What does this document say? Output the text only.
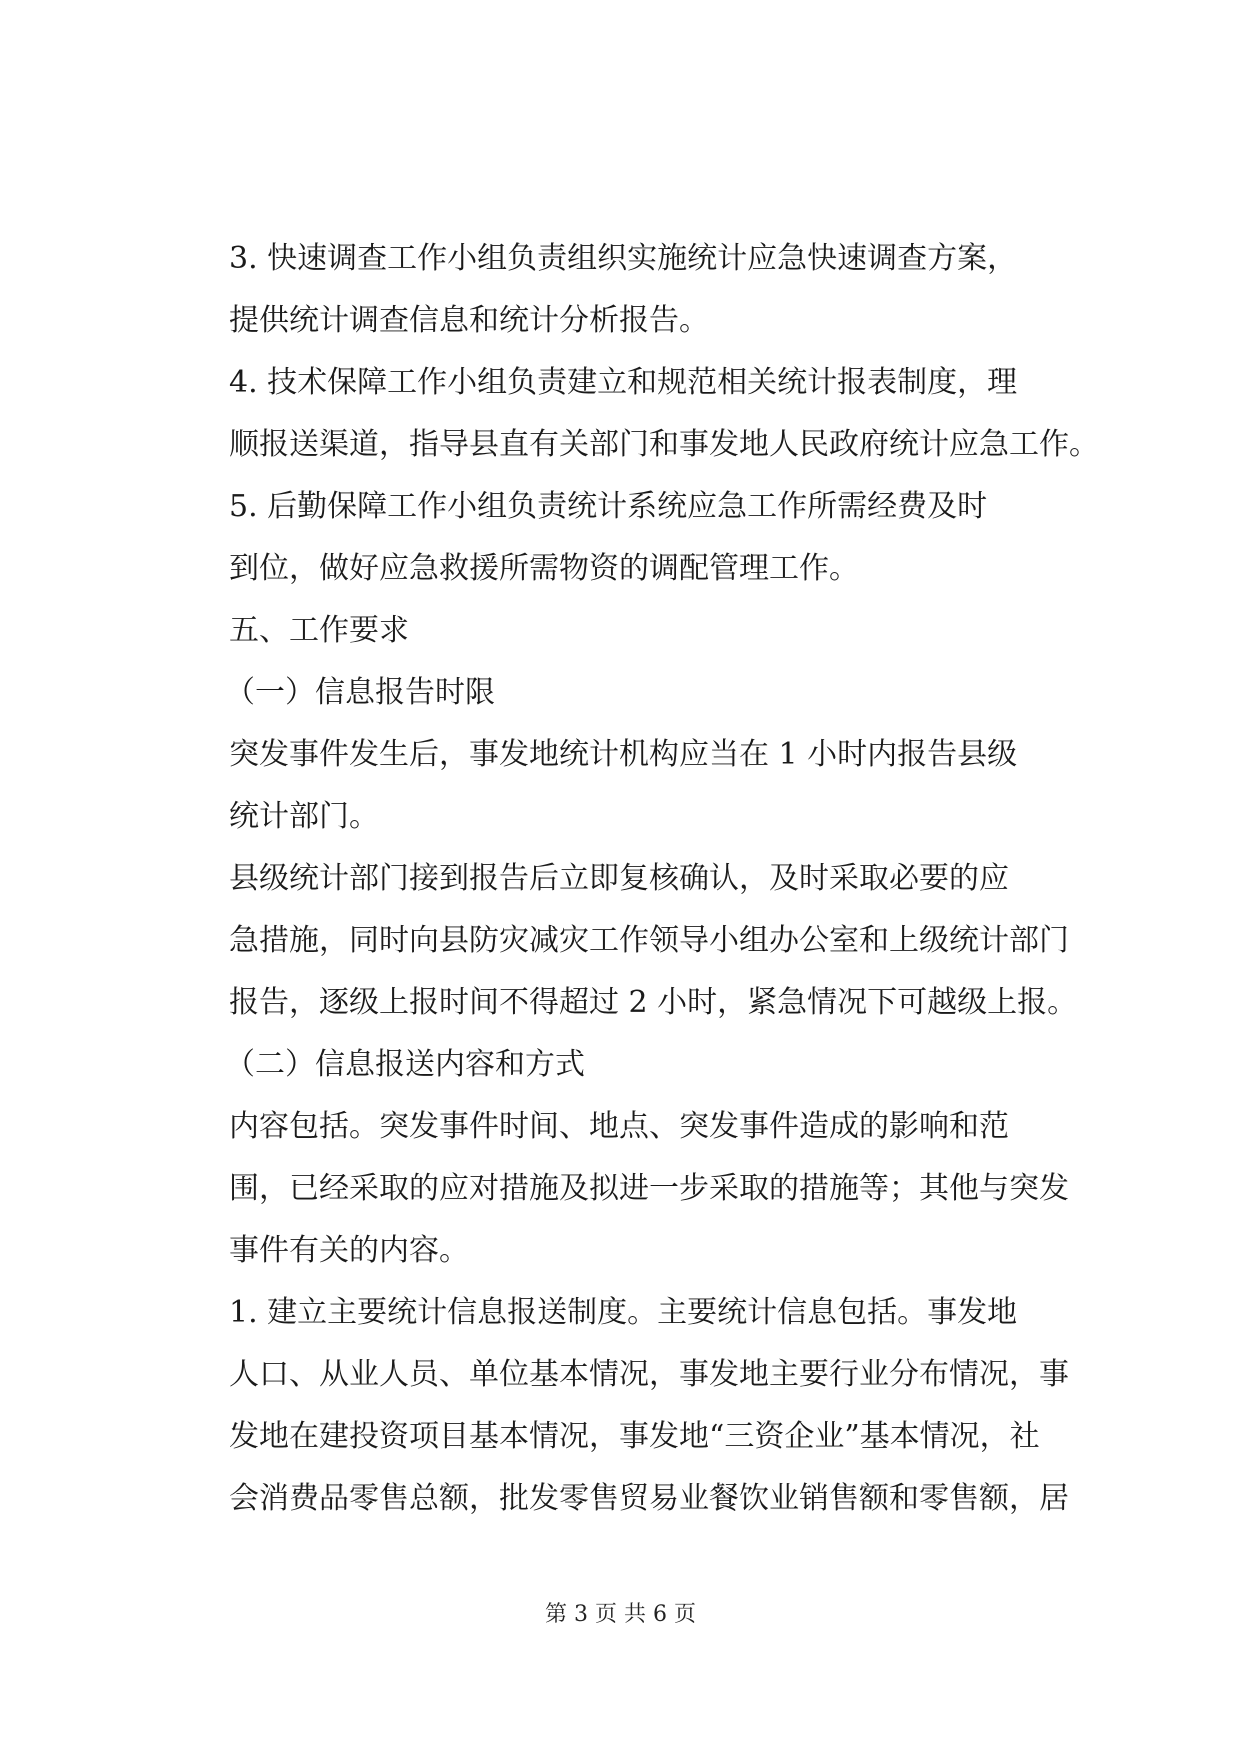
3. 快速调查工作小组负责组织实施统计应急快速调查方案，
提供统计调查信息和统计分析报告。

4. 技术保障工作小组负责建立和规范相关统计报表制度，理
顺报送渠道，指导县直有关部门和事发地人民政府统计应急工作。

5. 后勤保障工作小组负责统计系统应急工作所需经费及时
到位，做好应急救援所需物资的调配管理工作。

五、工作要求

（一）信息报告时限

突发事件发生后，事发地统计机构应当在 1 小时内报告县级
统计部门。

县级统计部门接到报告后立即复核确认，及时采取必要的应
急措施，同时向县防灾减灾工作领导小组办公室和上级统计部门
报告，逐级上报时间不得超过 2 小时，紧急情况下可越级上报。

（二）信息报送内容和方式

内容包括。突发事件时间、地点、突发事件造成的影响和范
围，已经采取的应对措施及拟进一步采取的措施等；其他与突发
事件有关的内容。

1. 建立主要统计信息报送制度。主要统计信息包括。事发地
人口、从业人员、单位基本情况，事发地主要行业分布情况，事
发地在建投资项目基本情况，事发地“三资企业”基本情况，社
会消费品零售总额，批发零售贸易业餐饮业销售额和零售额，居

第 3 页 共 6 页
